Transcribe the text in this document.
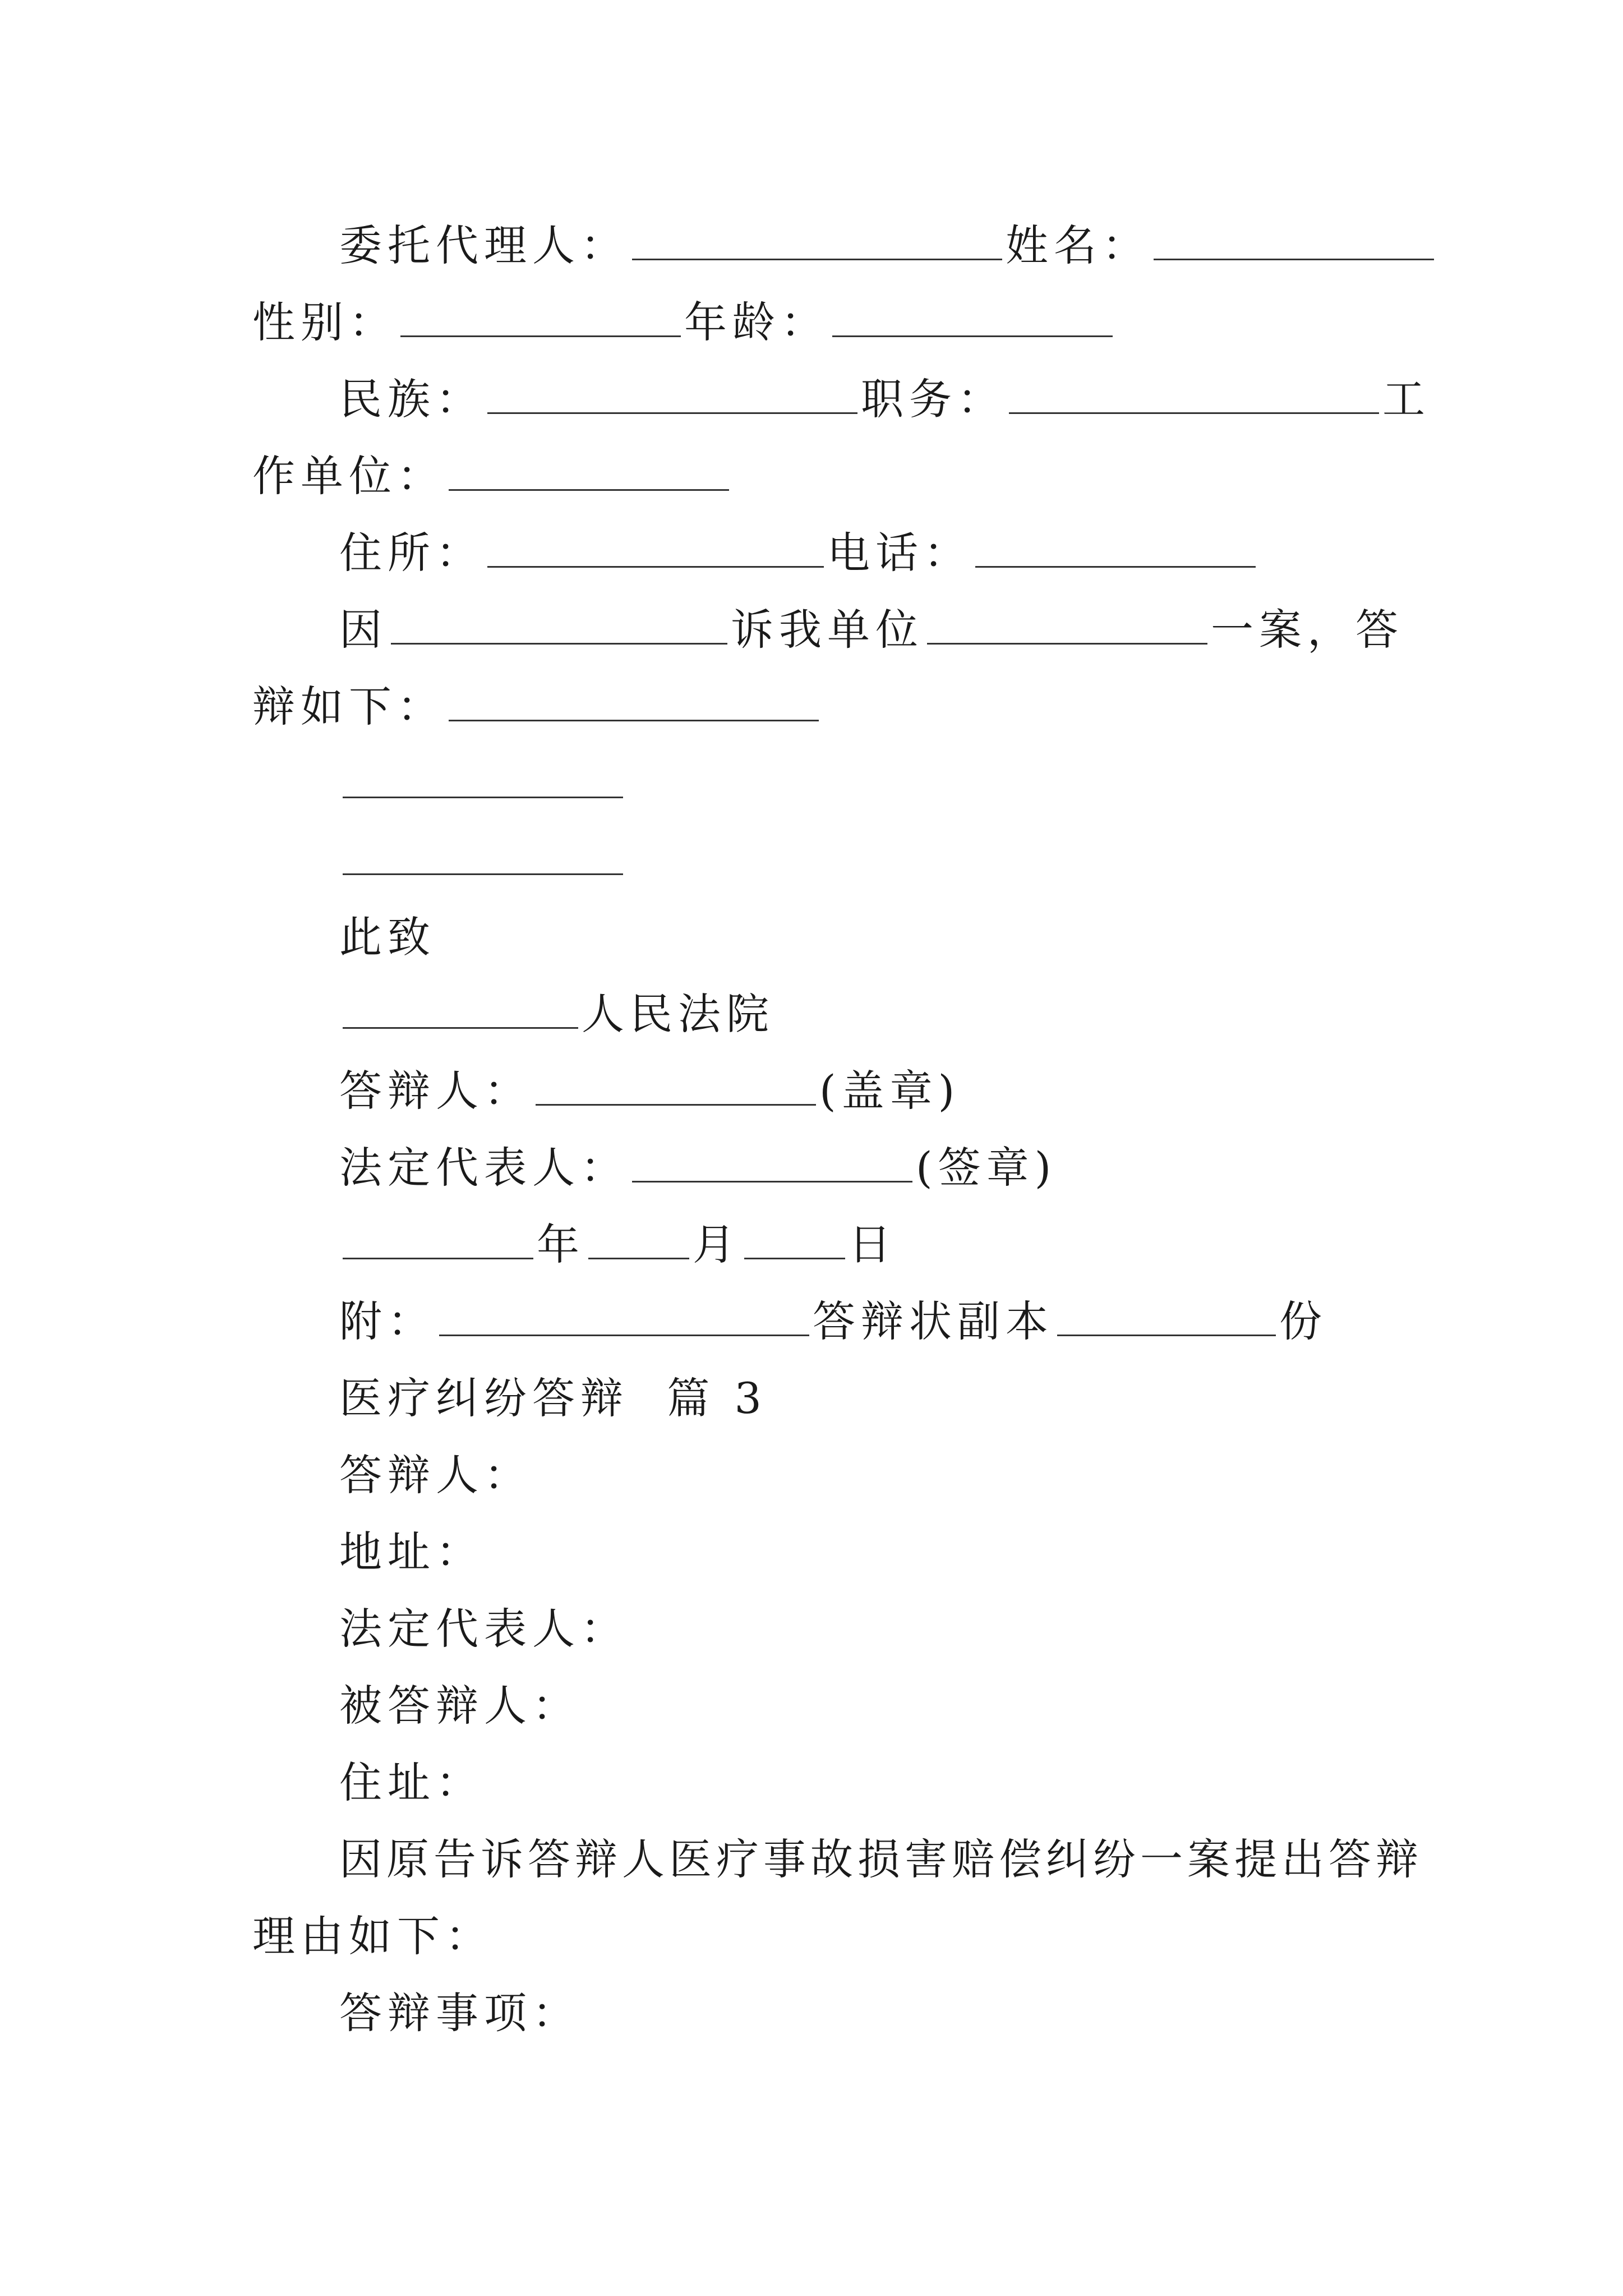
委托代理人：	姓名：
性别：	年龄：
民族：	职务：	工
作单位：
住所：	电话：
因	诉我单位	一案，答
辩如下：
此致
人民法院
答辩人：	(盖章)
法定代表人：	(签章)
年	月	日
附：	答辩状副本	份
医疗纠纷答辩  篇 3
答辩人：
地址：
法定代表人：
被答辩人：
住址：
因原告诉答辩人医疗事故损害赔偿纠纷一案提出答辩
理由如下：
答辩事项：
